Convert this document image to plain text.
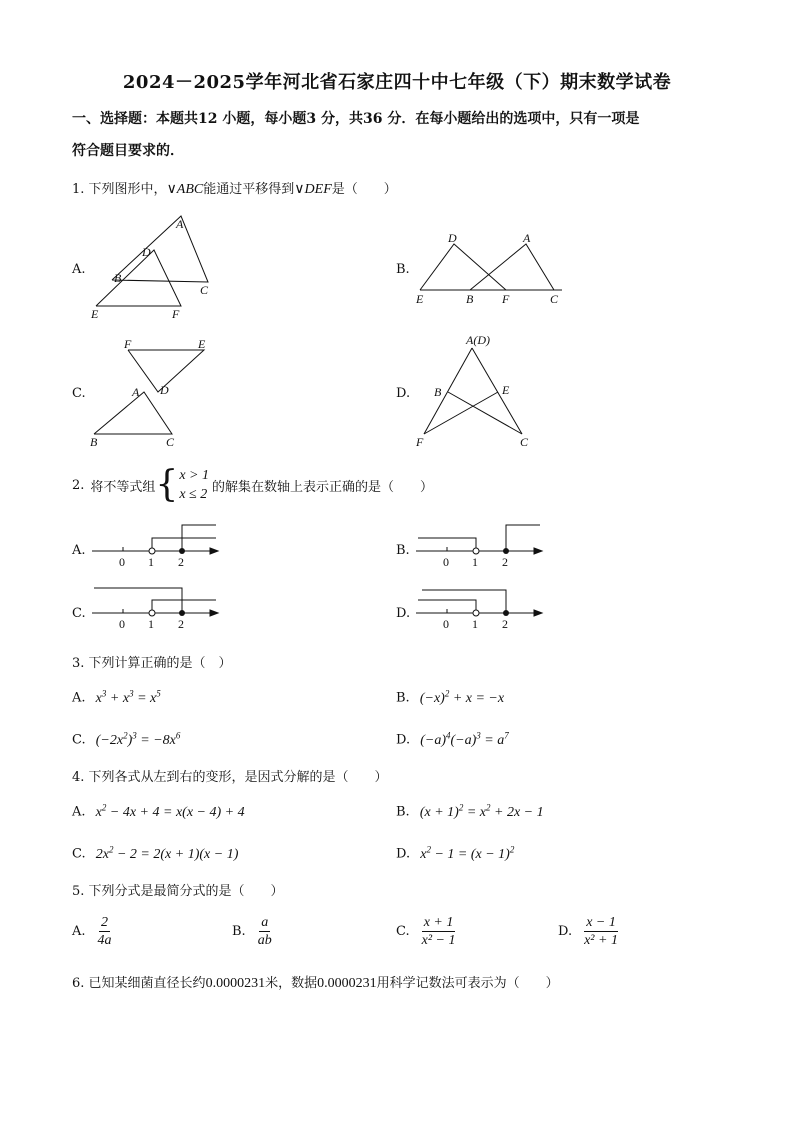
2024－2025学年河北省石家庄四十中七年级（下）期末数学试卷
一、选择题：本题共12 小题，每小题3 分，共36 分．在每小题给出的选项中，只有一项是
符合题目要求的．
1. 下列图形中，∨ABC能通过平移得到∨DEF是（　　）
A.
A
D
B
C
E	F
B.
D	A
E	B F	C
C.
F	E
A D
B	C
D.
A(D)
B	E
F	C
2. 将不等式组 { x > 1
x ≤ 2 的解集在数轴上表示正确的是（　　）
A.
0 1 2
B.
0 1 2
C.
0 1 2
D.
0 1 2
3. 下列计算正确的是（　）
A. $x^3 + x^3 = x^5$	B. $(-x)^2 + x = -x$
C. $(-2x^2)^3 = -8x^6$	D. $(-a)^4(-a)^3 = a^7$
4. 下列各式从左到右的变形，是因式分解的是（　　）
A. $x^2 - 4x + 4 = x(x - 4) + 4$	B. $(x + 1)^2 = x^2 + 2x - 1$
C. $2x^2 - 2 = 2(x + 1)(x - 1)$	D. $x^2 - 1 = (x - 1)^2$
5. 下列分式是最简分式的是（　　）
A. $\frac{2}{4a}$	B. $\frac{a}{ab}$	C. $\frac{x + 1}{\text{x² − 1}}$	D. $\frac{x - 1}{\text{x² + 1}}$
6. 已知某细菌直径长约0.0000231米，数据0.0000231用科学记数法可表示为（　　）
